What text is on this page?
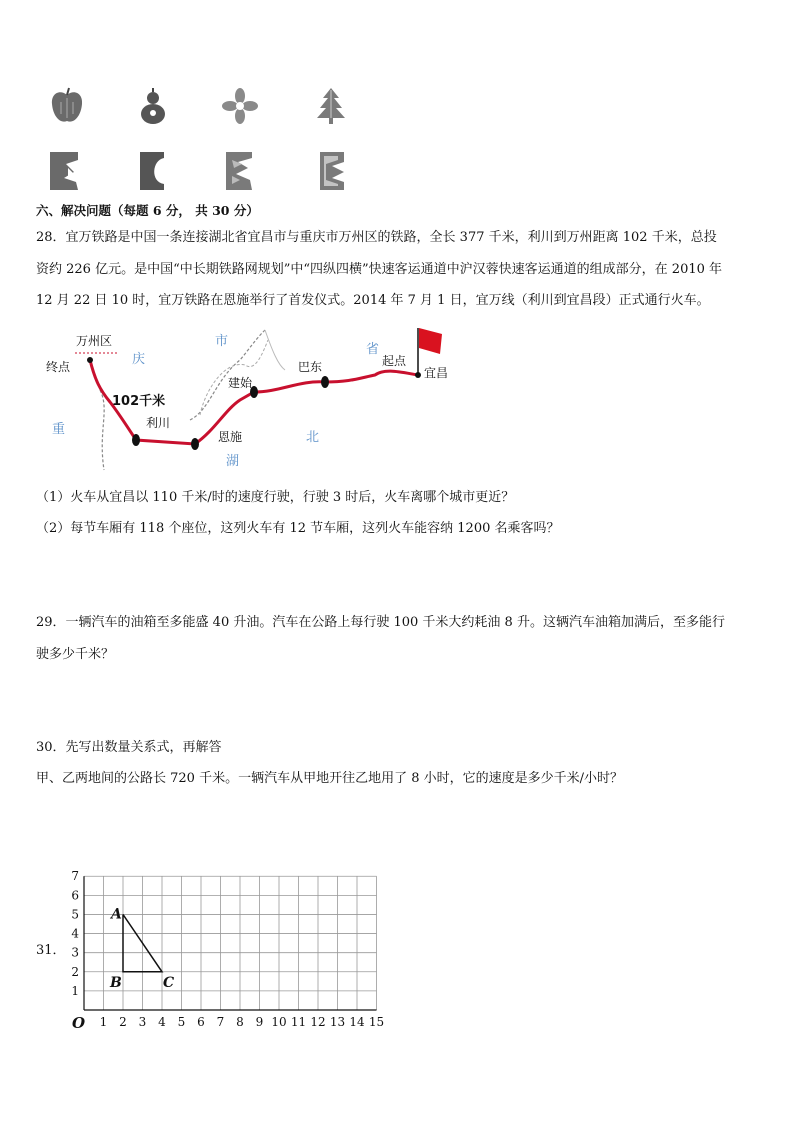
六、解决问题（每题 6 分， 共 30 分）
28．宜万铁路是中国一条连接湖北省宜昌市与重庆市万州区的铁路，全长 377 千米，利川到万州距离 102 千米，总投
资约 226 亿元。是中国“中长期铁路网规划”中“四纵四横”快速客运通道中沪汉蓉快速客运通道的组成部分，在 2010 年
12 月 22 日 10 时，宜万铁路在恩施举行了首发仪式。2014 年 7 月 1 日，宜万线（利川到宜昌段）正式通行火车。
万州区
终点
102千米
利川
恩施
建始
巴东	起点
宜昌
庆
市
重
湖
北
省
（1）火车从宜昌以 110 千米/时的速度行驶，行驶 3 时后，火车离哪个城市更近？
（2）每节车厢有 118 个座位，这列火车有 12 节车厢，这列火车能容纳 1200 名乘客吗？
29．一辆汽车的油箱至多能盛 40 升油。汽车在公路上每行驶 100 千米大约耗油 8 升。这辆汽车油箱加满后，至多能行
驶多少千米？
30．先写出数量关系式，再解答
甲、乙两地间的公路长 720 千米。一辆汽车从甲地开往乙地用了 8 小时，它的速度是多少千米/小时？
31．
1 2 3 4 5 6 7 8 9 10 11 12 13 14 15
1
2
3
4
5
6
7
O
A
B	C
